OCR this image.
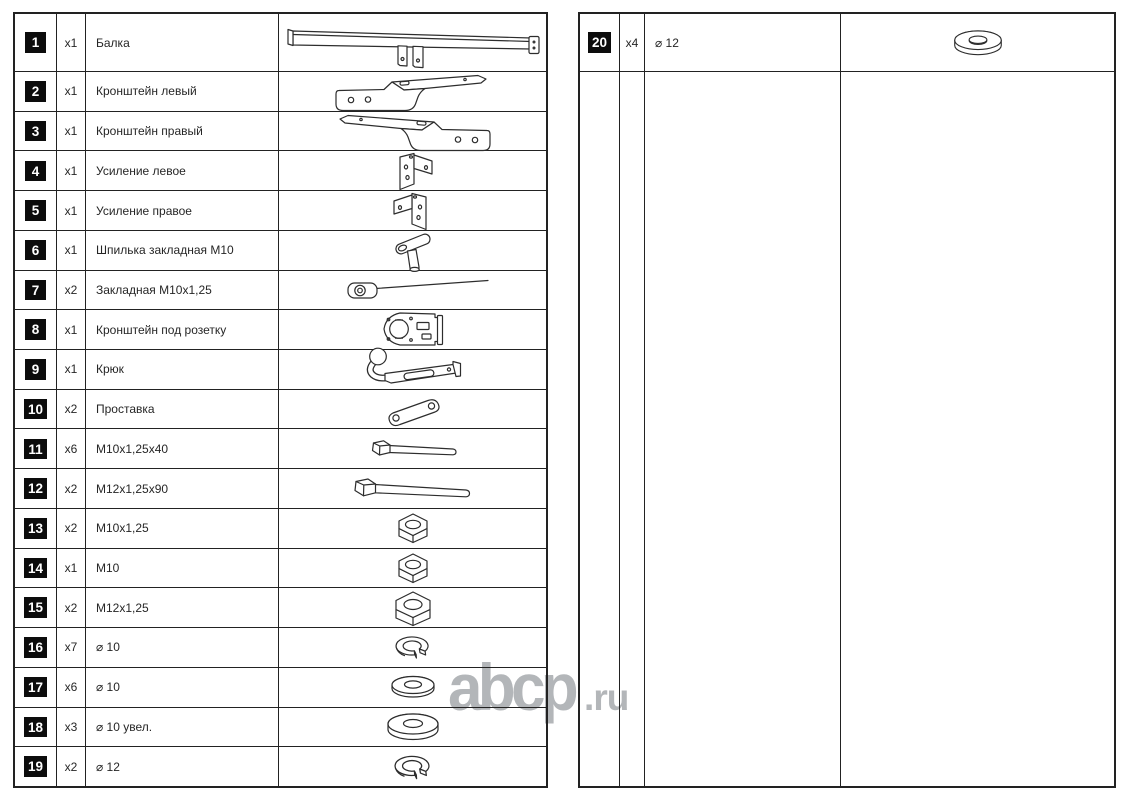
abcp .ru
1	x1	Балка
2	x1	Кронштейн левый
3	x1	Кронштейн правый
4	x1	Усиление левое
5	x1	Усиление правое
6	x1	Шпилька закладная М10
7	x2	Закладная М10х1,25
8	x1	Кронштейн под розетку
9	x1	Крюк
10	x2	Проставка
11	x6	М10х1,25х40
12	x2	М12х1,25х90
13	x2	М10х1,25
14	x1	М10
15	x2	М12х1,25
16	x7	⌀ 10
17	x6	⌀ 10
18	x3	⌀ 10 увел.
19	x2	⌀ 12
20	x4	⌀ 12
